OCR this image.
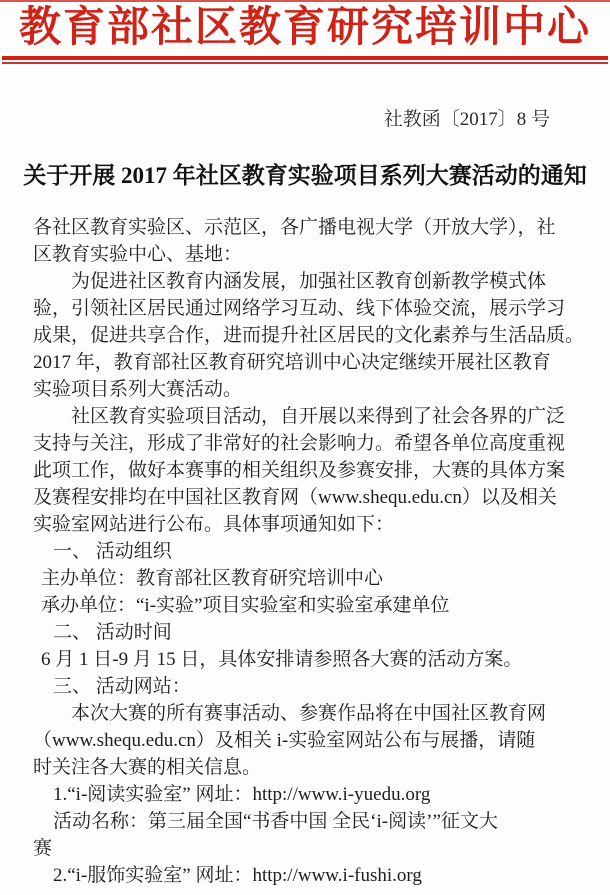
教育部社区教育研究培训中心
社教函〔2017〕8 号
关于开展 2017 年社区教育实验项目系列大赛活动的通知
各社区教育实验区、示范区，各广播电视大学（开放大学），社
区教育实验中心、基地：
为促进社区教育内涵发展，加强社区教育创新教学模式体
验，引领社区居民通过网络学习互动、线下体验交流，展示学习
成果，促进共享合作，进而提升社区居民的文化素养与生活品质。
2017 年，教育部社区教育研究培训中心决定继续开展社区教育
实验项目系列大赛活动。
社区教育实验项目活动，自开展以来得到了社会各界的广泛
支持与关注，形成了非常好的社会影响力。希望各单位高度重视
此项工作，做好本赛事的相关组织及参赛安排，大赛的具体方案
及赛程安排均在中国社区教育网（www.shequ.edu.cn）以及相关
实验室网站进行公布。具体事项通知如下：
一、 活动组织
主办单位：教育部社区教育研究培训中心
承办单位：“i-实验”项目实验室和实验室承建单位
二、 活动时间
6 月 1 日-9 月 15 日，具体安排请参照各大赛的活动方案。
三、 活动网站：
本次大赛的所有赛事活动、参赛作品将在中国社区教育网
（www.shequ.edu.cn）及相关 i-实验室网站公布与展播，请随
时关注各大赛的相关信息。
1.“i-阅读实验室” 网址：http://www.i-yuedu.org
活动名称：第三届全国“书香中国 全民‘i-阅读’”征文大
赛
2.“i-服饰实验室” 网址：http://www.i-fushi.org
